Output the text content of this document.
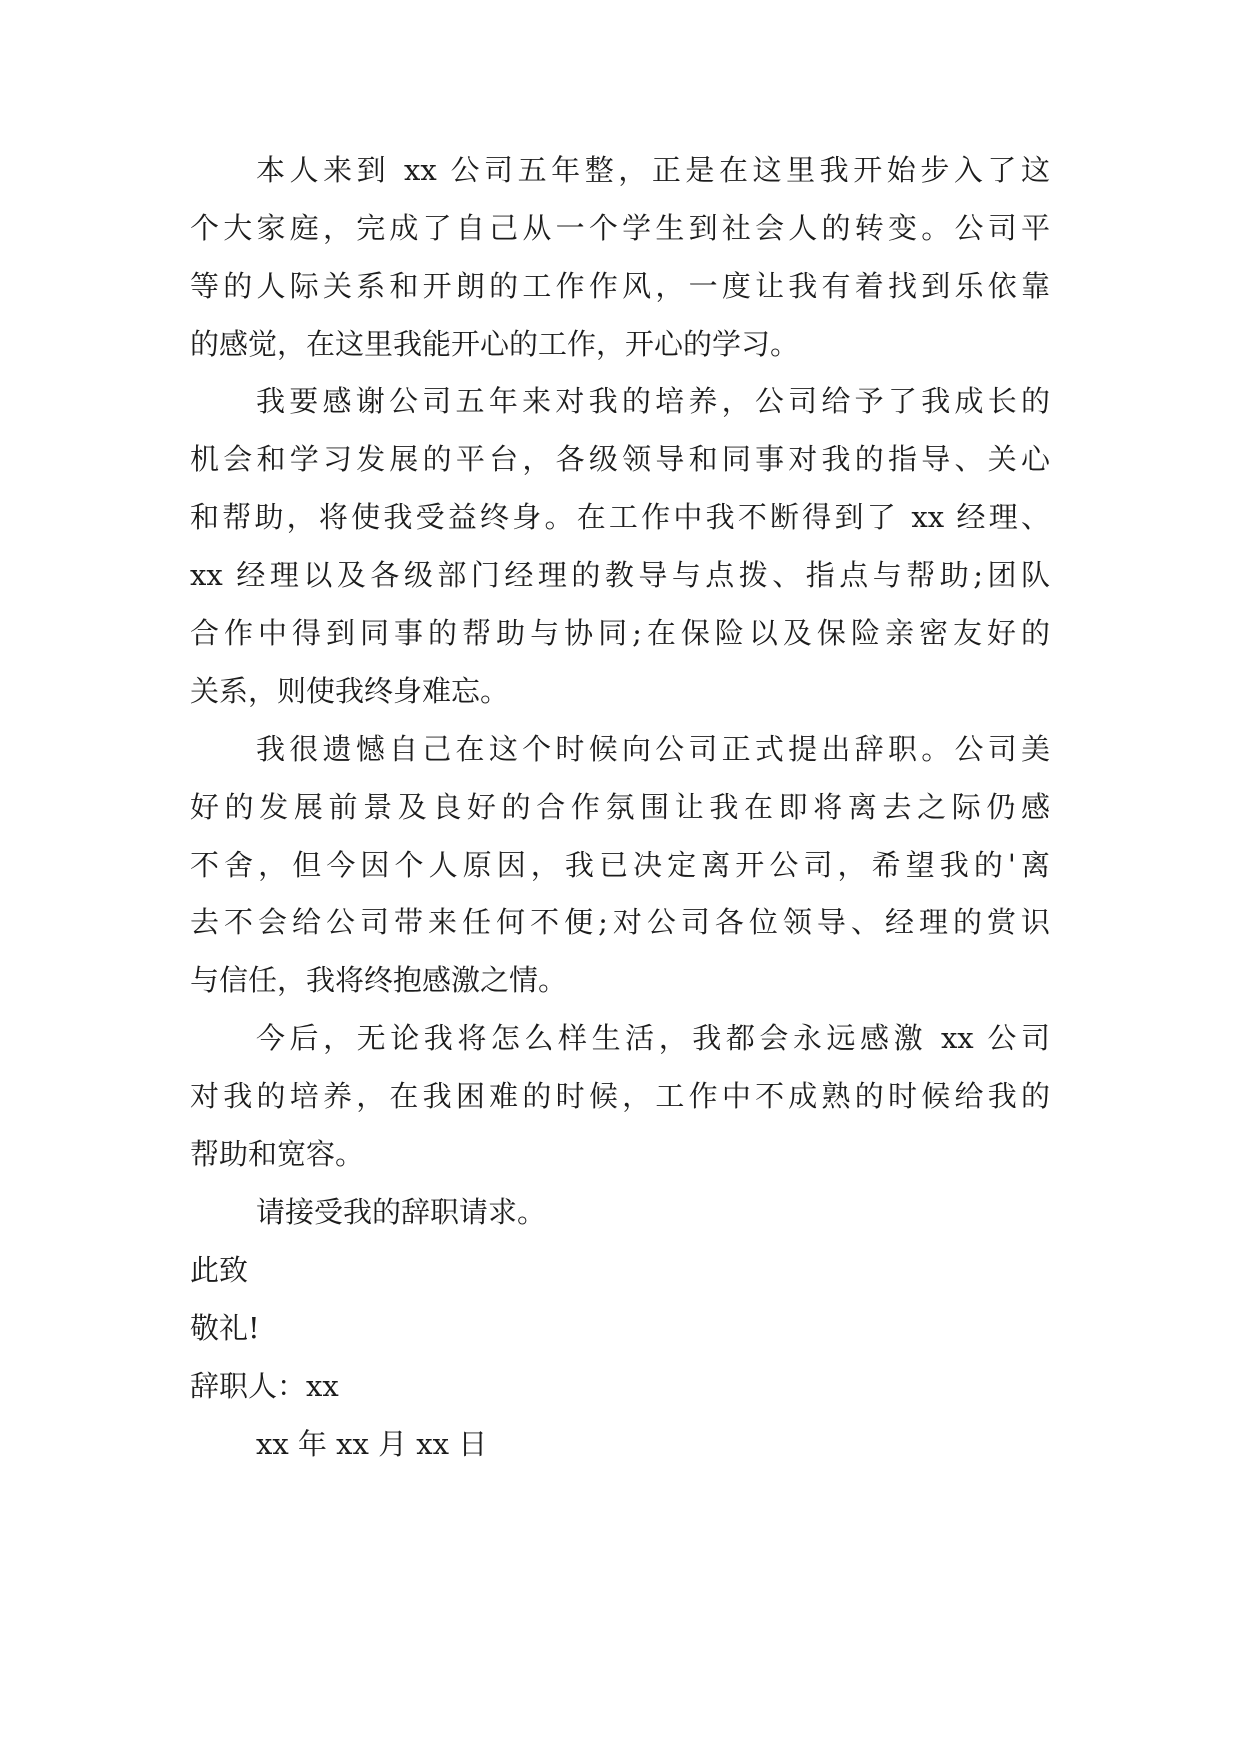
本人来到 xx 公司五年整，正是在这里我开始步入了这
个大家庭，完成了自己从一个学生到社会人的转变。公司平
等的人际关系和开朗的工作作风，一度让我有着找到乐依靠
的感觉，在这里我能开心的工作，开心的学习。
我要感谢公司五年来对我的培养，公司给予了我成长的
机会和学习发展的平台，各级领导和同事对我的指导、关心
和帮助，将使我受益终身。在工作中我不断得到了 xx 经理、
xx 经理以及各级部门经理的教导与点拨、指点与帮助;团队
合作中得到同事的帮助与协同;在保险以及保险亲密友好的
关系，则使我终身难忘。
我很遗憾自己在这个时候向公司正式提出辞职。公司美
好的发展前景及良好的合作氛围让我在即将离去之际仍感
不舍，但今因个人原因，我已决定离开公司，希望我的'离
去不会给公司带来任何不便;对公司各位领导、经理的赏识
与信任，我将终抱感激之情。
今后，无论我将怎么样生活，我都会永远感激 xx 公司
对我的培养，在我困难的时候，工作中不成熟的时候给我的
帮助和宽容。
请接受我的辞职请求。
此致
敬礼!
辞职人：xx
xx 年 xx 月 xx 日
